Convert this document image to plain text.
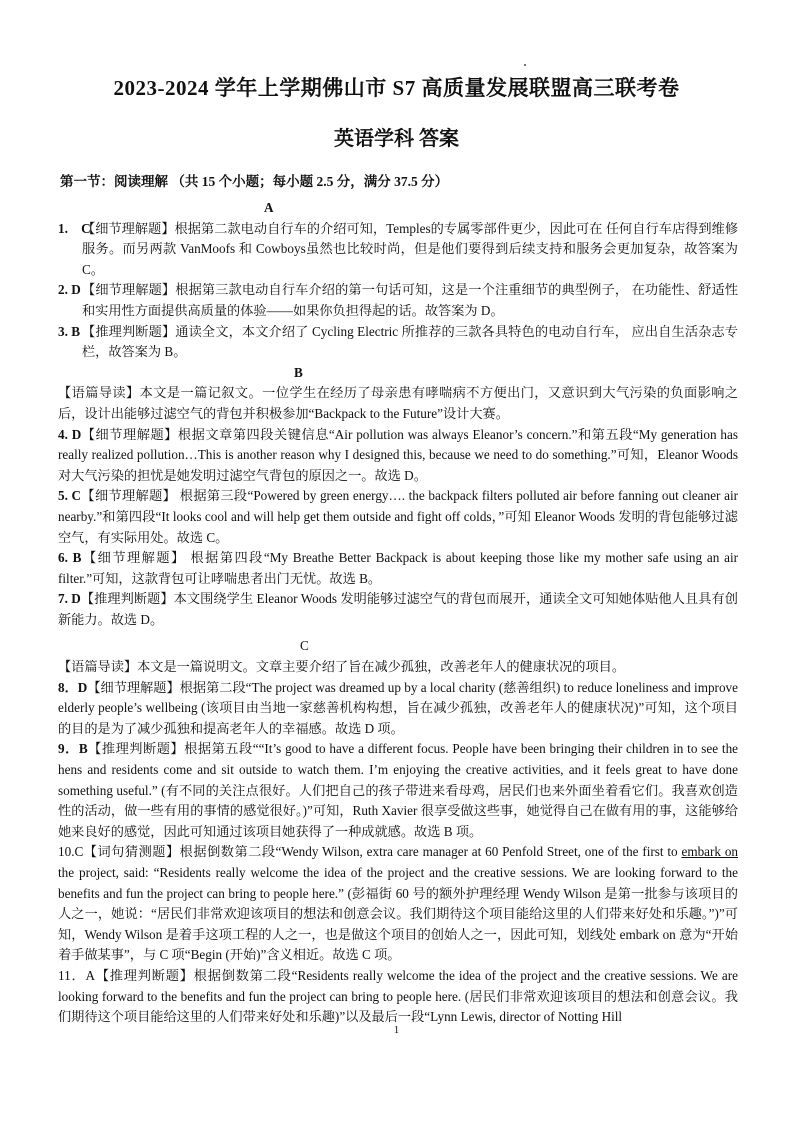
2023-2024 学年上学期佛山市 S7 高质量发展联盟高三联考卷
英语学科 答案
第一节：阅读理解 （共 15 个小题；每小题 2.5 分，满分 37.5 分）
A

1.　C
【细节理解题】根据第二款电动自行车的介绍可知，Temples的专属零部件更少，因此可在 任何自行车店得到维修服务。而另两款 VanMoofs 和 Cowboys虽然也比较时尚，但是他们要得到后续支持和服务会更加复杂，故答案为 C。

2. D 【细节理解题】根据第三款电动自行车介绍的第一句话可知，这是一个注重细节的典型例子， 在功能性、舒适性和实用性方面提供高质量的体验——如果你负担得起的话。故答案为 D。

3. B 【推理判断题】通读全文，本文介绍了 Cycling Electric 所推荐的三款各具特色的电动自行车， 应出自生活杂志专栏，故答案为 B。

B

【语篇导读】本文是一篇记叙文。一位学生在经历了母亲患有哮喘病不方便出门，又意识到大气污染的负面影响之后，设计出能够过滤空气的背包并积极参加“Backpack to the Future”设计大赛。

4. D【细节理解题】根据文章第四段关键信息“Air pollution was always Eleanor’s concern.”和第五段“My generation has really realized pollution…This is another reason why I designed this, because we need to do something.”可知，Eleanor Woods 对大气污染的担忧是她发明过滤空气背包的原因之一。故选 D。

5. C【细节理解题】 根据第三段“Powered by green energy…. the backpack filters polluted air before fanning out cleaner air nearby.”和第四段“It looks cool and will help get them outside and fight off colds，”可知 Eleanor Woods 发明的背包能够过滤空气，有实际用处。故选 C。

6. B【细节理解题】 根据第四段“My Breathe Better Backpack is about keeping those like my mother safe using an air filter.”可知，这款背包可让哮喘患者出门无忧。故选 B。

7. D【推理判断题】本文围绕学生 Eleanor Woods 发明能够过滤空气的背包而展开，通读全文可知她体贴他人且具有创新能力。故选 D。

C

【语篇导读】本文是一篇说明文。文章主要介绍了旨在减少孤独，改善老年人的健康状况的项目。

8．D【细节理解题】根据第二段“The project was dreamed up by a local charity (慈善组织) to reduce loneliness and improve elderly people’s wellbeing (该项目由当地一家慈善机构构想，旨在减少孤独，改善老年人的健康状况)”可知，这个项目的目的是为了减少孤独和提高老年人的幸福感。故选 D 项。

9．B【推理判断题】根据第五段““It’s good to have a different focus. People have been bringing their children in to see the hens and residents come and sit outside to watch them. I’m enjoying the creative activities, and it feels great to have done something useful.” (有不同的关注点很好。人们把自己的孩子带进来看母鸡，居民们也来外面坐着看它们。我喜欢创造性的活动，做一些有用的事情的感觉很好。)”可知，Ruth Xavier 很享受做这些事，她觉得自己在做有用的事，这能够给她来良好的感觉，因此可知通过该项目她获得了一种成就感。故选 B 项。

10.C【词句猜测题】根据倒数第二段“Wendy Wilson, extra care manager at 60 Penfold Street, one of the first to embark on the project, said: “Residents really welcome the idea of the project and the creative sessions. We are looking forward to the benefits and fun the project can bring to people here.” (彭福街 60 号的额外护理经理 Wendy Wilson 是第一批参与该项目的人之一，她说：“居民们非常欢迎该项目的想法和创意会议。我们期待这个项目能给这里的人们带来好处和乐趣。”)”可知，Wendy Wilson 是着手这项工程的人之一，也是做这个项目的创始人之一，因此可知，划线处 embark on 意为“开始着手做某事”，与 C 项“Begin (开始)”含义相近。故选 C 项。

11．A【推理判断题】根据倒数第二段“Residents really welcome the idea of the project and the creative sessions. We are looking forward to the benefits and fun the project can bring to people here. (居民们非常欢迎该项目的想法和创意会议。我们期待这个项目能给这里的人们带来好处和乐趣)”以及最后一段“Lynn Lewis, director of Notting Hill

1
